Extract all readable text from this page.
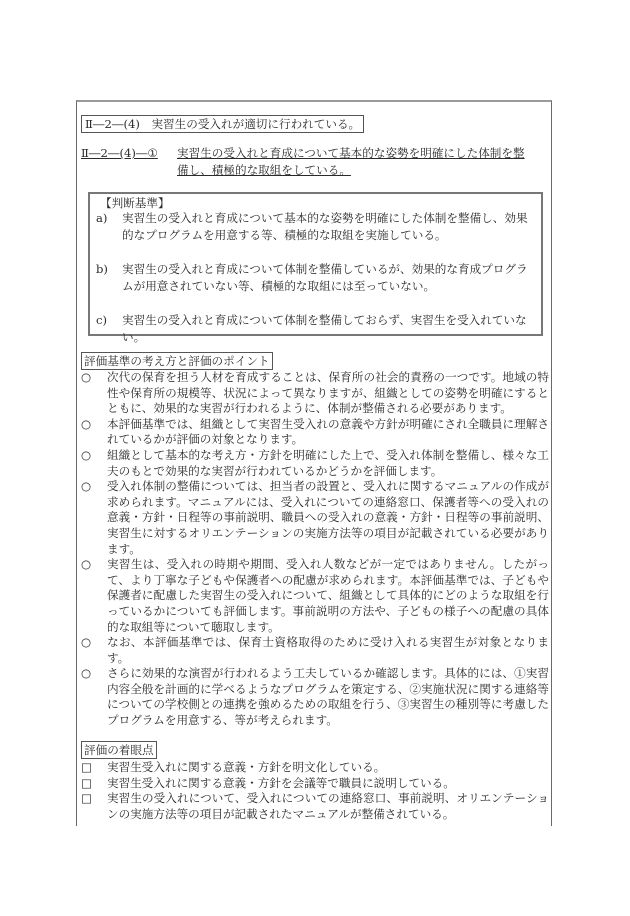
Ⅱ―2―(4)　実習生の受入れが適切に行われている。
Ⅱ―2―(4)―① 実習生の受入れと育成について基本的な姿勢を明確にした体制を整
備し、積極的な取組をしている。
【判断基準】
a)	実習生の受入れと育成について基本的な姿勢を明確にした体制を整備し、効果的なプログラムを用意する等、積極的な取組を実施している。
b)	実習生の受入れと育成について体制を整備しているが、効果的な育成プログラムが用意されていない等、積極的な取組には至っていない。
c)	実習生の受入れと育成について体制を整備しておらず、実習生を受入れていない。
評価基準の考え方と評価のポイント
○	次代の保育を担う人材を育成することは、保育所の社会的責務の一つです。地域の特性や保育所の規模等、状況によって異なりますが、組織としての姿勢を明確にするとともに、効果的な実習が行われるように、体制が整備される必要があります。
○	本評価基準では、組織として実習生受入れの意義や方針が明確にされ全職員に理解されているかが評価の対象となります。
○	組織として基本的な考え方・方針を明確にした上で、受入れ体制を整備し、様々な工夫のもとで効果的な実習が行われているかどうかを評価します。
○	受入れ体制の整備については、担当者の設置と、受入れに関するマニュアルの作成が求められます。マニュアルには、受入れについての連絡窓口、保護者等への受入れの意義・方針・日程等の事前説明、職員への受入れの意義・方針・日程等の事前説明、実習生に対するオリエンテーションの実施方法等の項目が記載されている必要があります。
○	実習生は、受入れの時期や期間、受入れ人数などが一定ではありません。したがって、より丁寧な子どもや保護者への配慮が求められます。本評価基準では、子どもや保護者に配慮した実習生の受入れについて、組織として具体的にどのような取組を行っているかについても評価します。事前説明の方法や、子どもの様子への配慮の具体的な取組等について聴取します。
○	なお、本評価基準では、保育士資格取得のために受け入れる実習生が対象となります。
○	さらに効果的な演習が行われるよう工夫しているか確認します。具体的には、①実習内容全般を計画的に学べるようなプログラムを策定する、②実施状況に関する連絡等についての学校側との連携を強めるための取組を行う、③実習生の種別等に考慮したプログラムを用意する、等が考えられます。
評価の着眼点
□	実習生受入れに関する意義・方針を明文化している。
□	実習生受入れに関する意義・方針を会議等で職員に説明している。
□	実習生の受入れについて、受入れについての連絡窓口、事前説明、オリエンテーションの実施方法等の項目が記載されたマニュアルが整備されている。
